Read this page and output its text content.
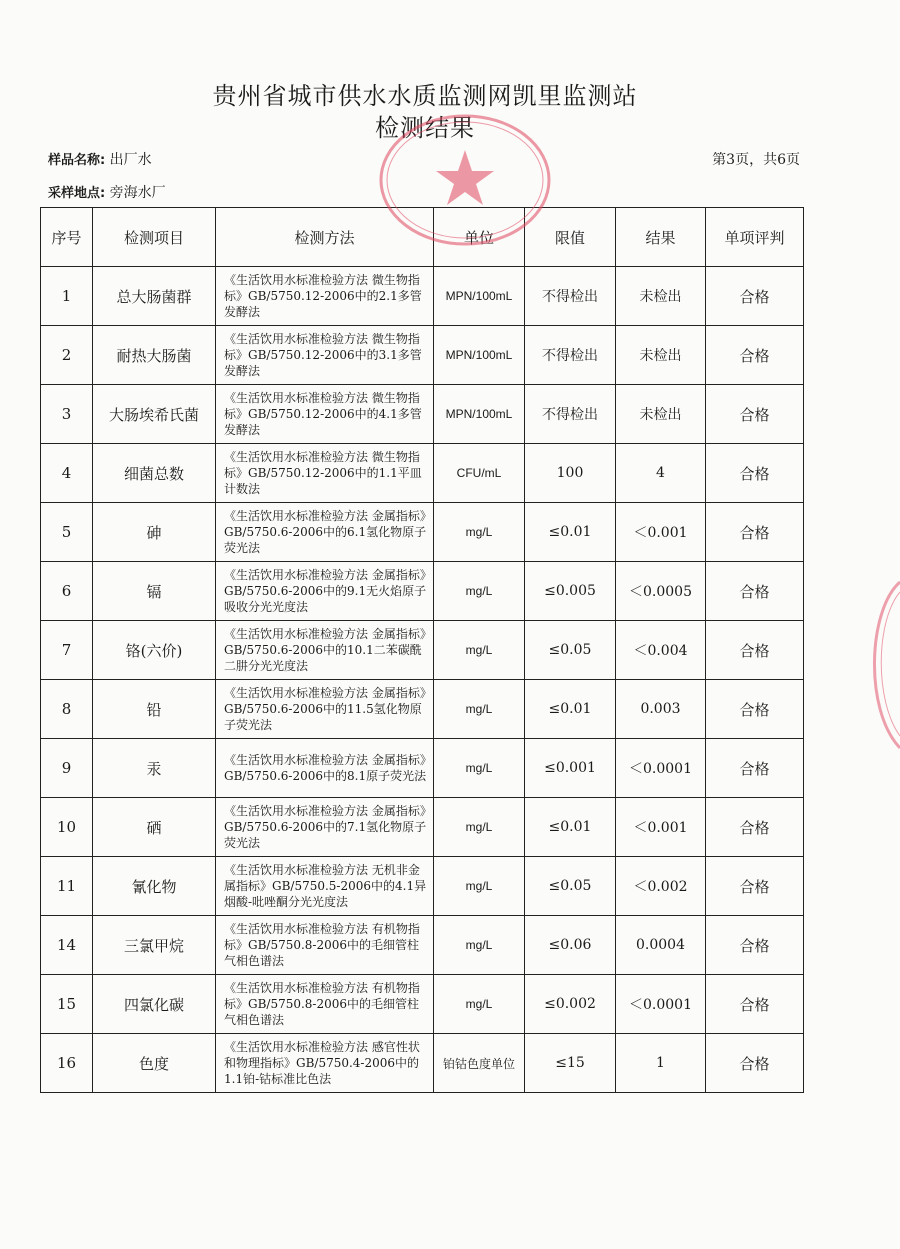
贵州省城市供水水质监测网凯里监测站
检测结果
样品名称: 出厂水	第3页，共6页
采样地点: 旁海水厂
序号	检测项目	检测方法	单位	限值	结果	单项评判
1	总大肠菌群	《生活饮用水标准检验方法 微生物指标》GB/5750.12-2006中的2.1多管发酵法	MPN/100mL	不得检出	未检出	合格
2	耐热大肠菌	《生活饮用水标准检验方法 微生物指标》GB/5750.12-2006中的3.1多管发酵法	MPN/100mL	不得检出	未检出	合格
3	大肠埃希氏菌	《生活饮用水标准检验方法 微生物指标》GB/5750.12-2006中的4.1多管发酵法	MPN/100mL	不得检出	未检出	合格
4	细菌总数	《生活饮用水标准检验方法 微生物指标》GB/5750.12-2006中的1.1平皿计数法	CFU/mL	100	4	合格
5	砷	《生活饮用水标准检验方法 金属指标》GB/5750.6-2006中的6.1氢化物原子荧光法	mg/L	≤0.01	＜0.001	合格
6	镉	《生活饮用水标准检验方法 金属指标》GB/5750.6-2006中的9.1无火焰原子吸收分光光度法	mg/L	≤0.005	＜0.0005	合格
7	铬(六价)	《生活饮用水标准检验方法 金属指标》GB/5750.6-2006中的10.1二苯碳酰二肼分光光度法	mg/L	≤0.05	＜0.004	合格
8	铅	《生活饮用水标准检验方法 金属指标》GB/5750.6-2006中的11.5氢化物原子荧光法	mg/L	≤0.01	0.003	合格
9	汞	《生活饮用水标准检验方法 金属指标》GB/5750.6-2006中的8.1原子荧光法	mg/L	≤0.001	＜0.0001	合格
10	硒	《生活饮用水标准检验方法 金属指标》GB/5750.6-2006中的7.1氢化物原子荧光法	mg/L	≤0.01	＜0.001	合格
11	氰化物	《生活饮用水标准检验方法 无机非金属指标》GB/5750.5-2006中的4.1异烟酸-吡唑酮分光光度法	mg/L	≤0.05	＜0.002	合格
14	三氯甲烷	《生活饮用水标准检验方法 有机物指标》GB/5750.8-2006中的毛细管柱气相色谱法	mg/L	≤0.06	0.0004	合格
15	四氯化碳	《生活饮用水标准检验方法 有机物指标》GB/5750.8-2006中的毛细管柱气相色谱法	mg/L	≤0.002	＜0.0001	合格
16	色度	《生活饮用水标准检验方法 感官性状和物理指标》GB/5750.4-2006中的1.1铂-钴标准比色法	铂钴色度单位	≤15	1	合格
